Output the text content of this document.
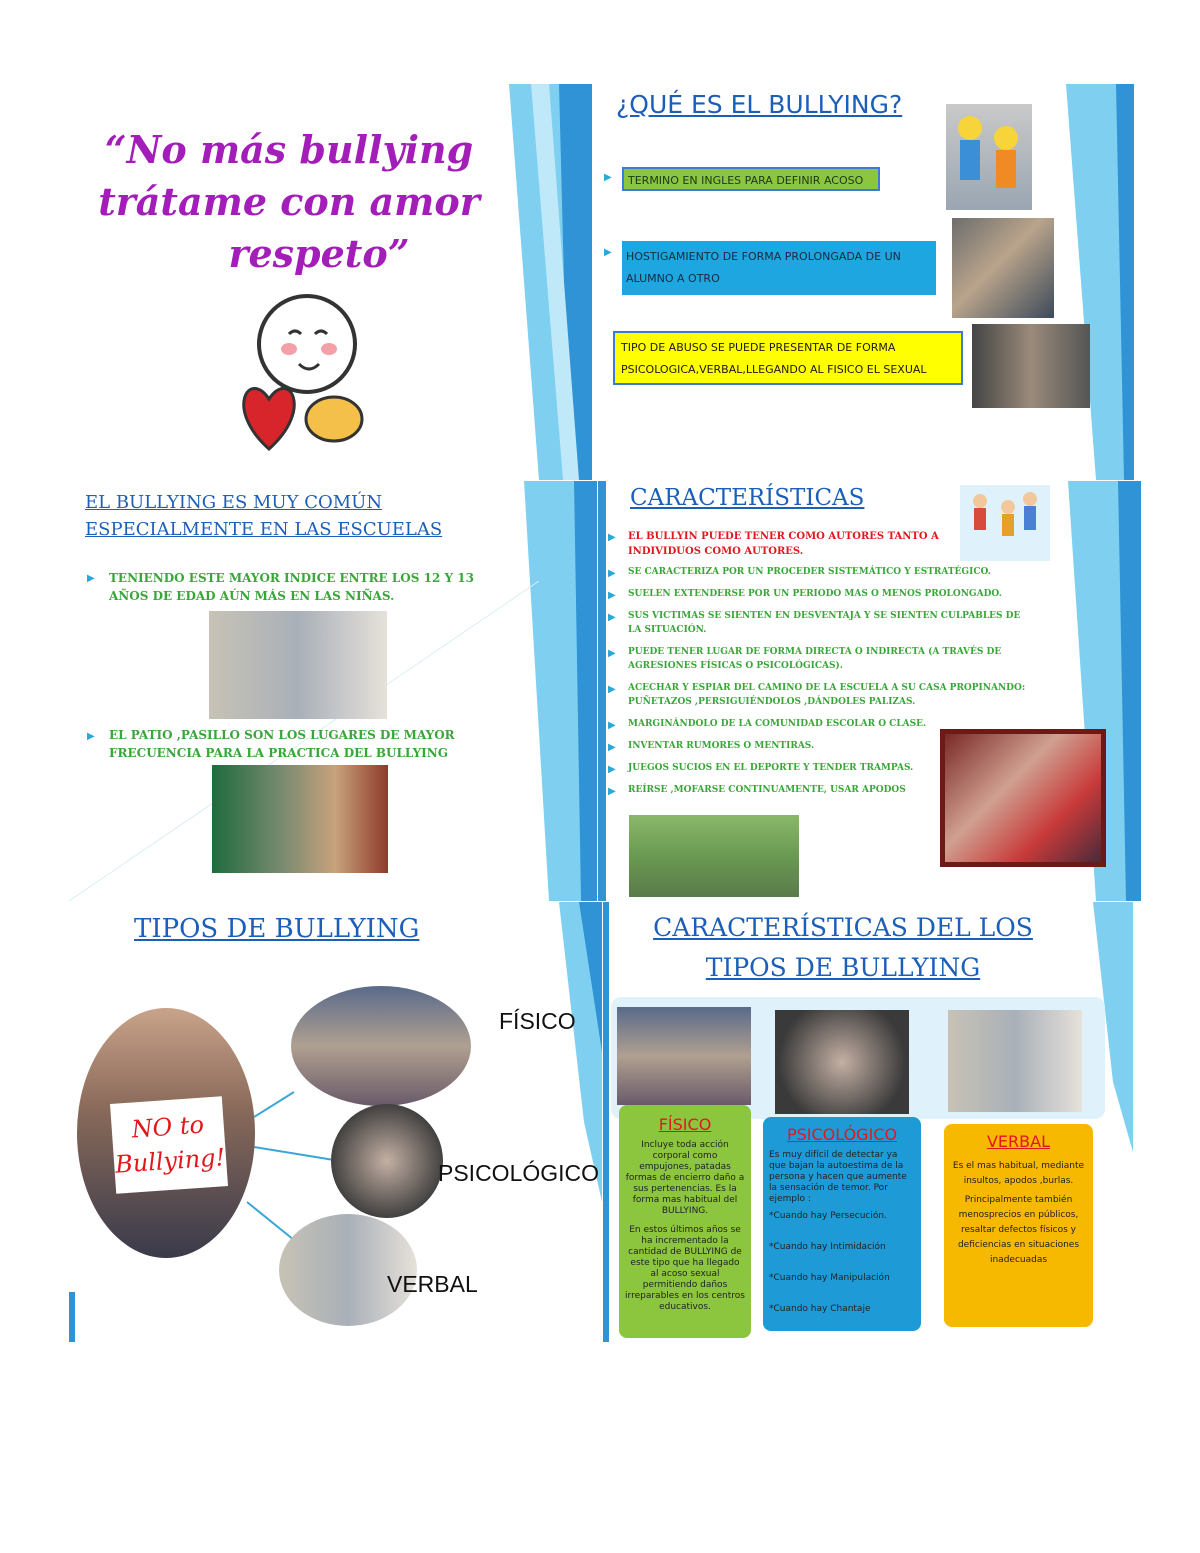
“No más bullying
trátame con amor
respeto”
¿QUÉ ES EL BULLYING?
▶	TERMINO EN INGLES PARA DEFINIR ACOSO
▶	HOSTIGAMIENTO DE FORMA PROLONGADA DE UN ALUMNO A OTRO
TIPO DE ABUSO SE PUEDE PRESENTAR DE FORMA PSICOLOGICA,VERBAL,LLEGANDO AL FISICO EL SEXUAL
EL BULLYING ES MUY COMÚN
ESPECIALMENTE EN LAS ESCUELAS
▶ TENIENDO ESTE MAYOR INDICE ENTRE LOS 12 Y 13 AÑOS DE EDAD AÚN MÁS EN LAS NIÑAS.
▶ EL PATIO ,PASILLO SON LOS LUGARES DE MAYOR FRECUENCIA PARA LA PRACTICA DEL BULLYING
CARACTERÍSTICAS
▶ EL BULLYIN PUEDE TENER COMO AUTORES TANTO A INDIVIDUOS COMO AUTORES.
▶ SE CARACTERIZA POR UN PROCEDER SISTEMÁTICO Y ESTRATÉGICO.
▶ SUELEN EXTENDERSE POR UN PERIODO MAS O MENOS PROLONGADO.
▶ SUS VICTIMAS SE SIENTEN EN DESVENTAJA Y SE SIENTEN CULPABLES DE LA SITUACIÓN.
▶ PUEDE TENER LUGAR DE FORMA DIRECTA O INDIRECTA (A TRAVÉS DE AGRESIONES FÍSICAS O PSICOLÓGICAS).
▶ ACECHAR Y ESPIAR DEL CAMINO DE LA ESCUELA A SU CASA PROPINANDO: PUÑETAZOS ,PERSIGUIÉNDOLOS ,DÁNDOLES PALIZAS.
▶ MARGINÁNDOLO DE LA COMUNIDAD ESCOLAR O CLASE.
▶ INVENTAR RUMORES O MENTIRAS.
▶ JUEGOS SUCIOS EN EL DEPORTE Y TENDER TRAMPAS.
▶ REÍRSE ,MOFARSE CONTINUAMENTE, USAR APODOS
TIPOS DE BULLYING
NO to
Bullying!
FÍSICO
PSICOLÓGICO
VERBAL
CARACTERÍSTICAS DEL LOS
TIPOS DE BULLYING
FÍSICO
Incluye toda acción corporal como empujones, patadas formas de encierro daño a sus pertenencias. Es la forma mas habitual del BULLYING.
En estos últimos años se ha incrementado la cantidad de BULLYING de este tipo que ha llegado al acoso sexual permitiendo daños irreparables en los centros educativos.
PSICOLÓGICO
Es muy difícil de detectar ya que bajan la autoestima de la persona y hacen que aumente la sensación de temor. Por ejemplo :
*Cuando hay Persecución.
*Cuando hay Intimidación
*Cuando hay Manipulación
*Cuando hay Chantaje
VERBAL
Es el mas habitual, mediante insultos, apodos ,burlas.
Principalmente también menosprecios en públicos, resaltar defectos físicos y deficiencias en situaciones inadecuadas
